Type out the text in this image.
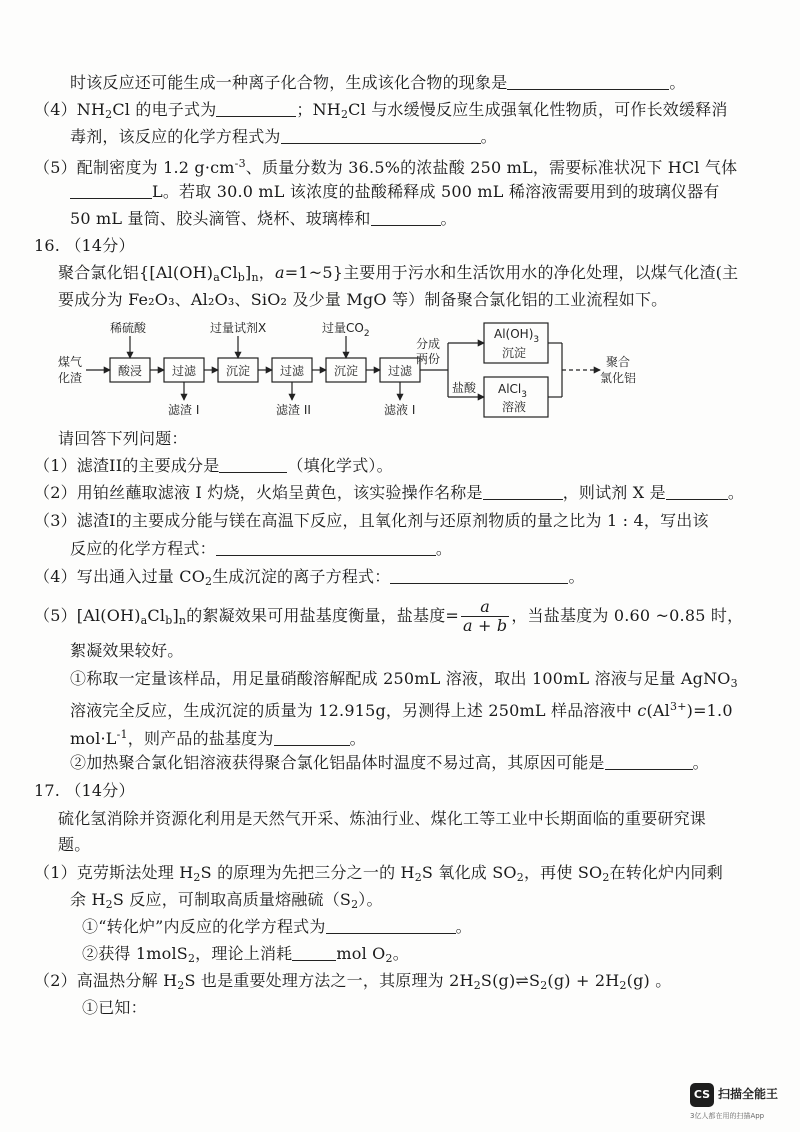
时该反应还可能生成一种离子化合物，生成该化合物的现象是	。
$(4)NH_2Cl$ 的电子式为	；$NH_2Cl$ 与水缓慢反应生成强氧化性物质，可作长效缓释消
毒剂，该反应的化学方程式为	。
（5）配制密度为 1.2 $g\cdot cm^{-3}$、质量分数为 36.5%的浓盐酸 250 mL，需要标准状况下 HCl 气体
L。若取 30.0 mL 该浓度的盐酸稀释成 500 mL 稀溶液需要用到的玻璃仪器有
50 mL 量筒、胶头滴管、烧杯、玻璃棒和	。
16. （14分）
聚合氯化铝{$[Al(OH)_aCl_b]_n$，a=1~5}主要用于污水和生活饮用水的净化处理，以煤气化渣(主
要成分为 Fe₂O₃、Al₂O₃、SiO₂ 及少量 MgO 等）制备聚合氯化铝的工业流程如下。
煤气
化渣
稀硫酸
酸浸 过滤
滤渣 I
过量试剂X
沉淀 过滤
滤渣 II
过量$CO_2$
沉淀 过滤
滤液 I
分成
两份
盐酸
$Al(OH)_3$
沉淀
AlCl$_3$
溶液
聚合
氯化铝
请回答下列问题：
（1）滤渣II的主要成分是	（填化学式）。
（2）用铂丝蘸取滤液 I 灼烧，火焰呈黄色，该实验操作名称是	，则试剂 X 是	。
（3）滤渣I的主要成分能与镁在高温下反应，且氧化剂与还原剂物质的量之比为 1 : 4，写出该
反应的化学方程式：	。
（4）写出通入过量 $CO_2$生成沉淀的离子方程式：	。
$(5)[Al(OH)_aCl_b]_n$的絮凝效果可用盐基度衡量，盐基度= $\frac{a}{a + b}$ ，当盐基度为 0.60 ~0.85 时，
絮凝效果较好。
①称取一定量该样品，用足量硝酸溶解配成 250mL 溶液，取出 100mL 溶液与足量 AgNO$_3$
溶液完全反应，生成沉淀的质量为 12.915g，另测得上述 250mL 样品溶液中 $c(Al^{3+})=1.0$
$mol\cdot L^{-1}$，则产品的盐基度为	。
②加热聚合氯化铝溶液获得聚合氯化铝晶体时温度不易过高，其原因可能是	。
17. （14分）
硫化氢消除并资源化利用是天然气开采、炼油行业、煤化工等工业中长期面临的重要研究课
题。
（1）克劳斯法处理 $H_2S$ 的原理为先把三分之一的 $H_2S$ 氧化成 $SO_2$，再使 $SO_2$在转化炉内同剩
余 $H_2S$ 反应，可制取高质量熔融硫$(S_2)$。
①“转化炉”内反应的化学方程式为	。
②获得 1molS$_2$，理论上消耗	mol $O_2$。
（2）高温热分解 $H_2S$ 也是重要处理方法之一，其原理为 $2H_2S(g)\rightleftharpoons S_2(g) + 2H_2(g)$ 。
①已知：
CS 扫描全能王
3亿人都在用的扫描App
